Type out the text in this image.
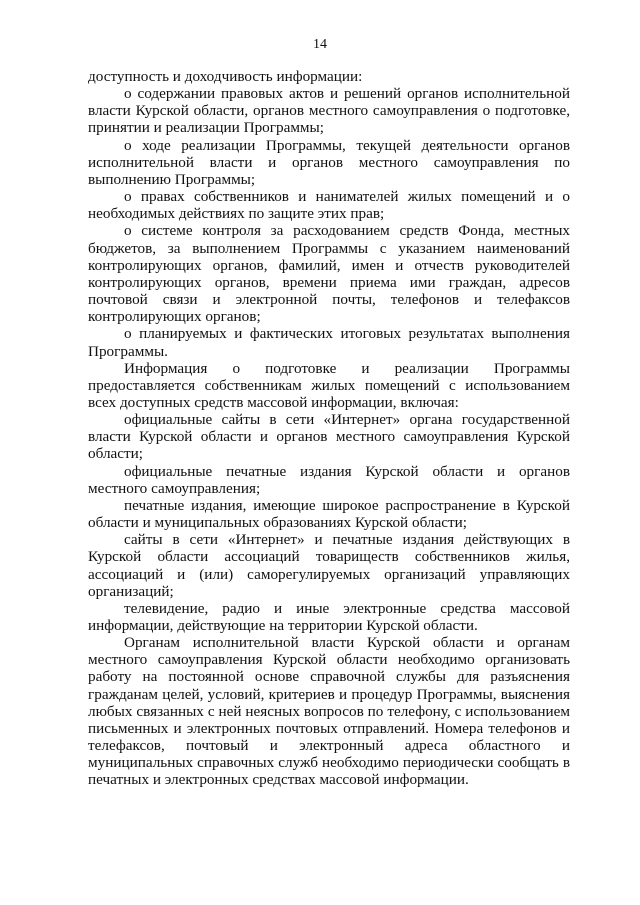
14

доступность и доходчивость информации:

о содержании правовых актов и решений органов исполнительной власти Курской области, органов местного самоуправления о подготовке, принятии и реализации Программы;

о ходе реализации Программы, текущей деятельности органов исполнительной власти и органов местного самоуправления по выполнению Программы;

о правах собственников и нанимателей жилых помещений и о необходимых действиях по защите этих прав;

о системе контроля за расходованием средств Фонда, местных бюджетов, за выполнением Программы с указанием наименований контролирующих органов, фамилий, имен и отчеств руководителей контролирующих органов, времени приема ими граждан, адресов почтовой связи и электронной почты, телефонов и телефаксов контролирующих органов;

о планируемых и фактических итоговых результатах выполнения Программы.

Информация о подготовке и реализации Программы предоставляется собственникам жилых помещений с использованием всех доступных средств массовой информации, включая:

официальные сайты в сети «Интернет» органа государственной власти Курской области и органов местного самоуправления Курской области;

официальные печатные издания Курской области и органов местного самоуправления;

печатные издания, имеющие широкое распространение в Курской области и муниципальных образованиях Курской области;

сайты в сети «Интернет» и печатные издания действующих в Курской области ассоциаций товариществ собственников жилья, ассоциаций и (или) саморегулируемых организаций управляющих организаций;

телевидение, радио и иные электронные средства массовой информации, действующие на территории Курской области.

Органам исполнительной власти Курской области и органам местного самоуправления Курской области необходимо организовать работу на постоянной основе справочной службы для разъяснения гражданам целей, условий, критериев и процедур Программы, выяснения любых связанных с ней неясных вопросов по телефону, с использованием письменных и электронных почтовых отправлений. Номера телефонов и телефаксов, почтовый и электронный адреса областного и муниципальных справочных служб необходимо периодически сообщать в печатных и электронных средствах массовой информации.
